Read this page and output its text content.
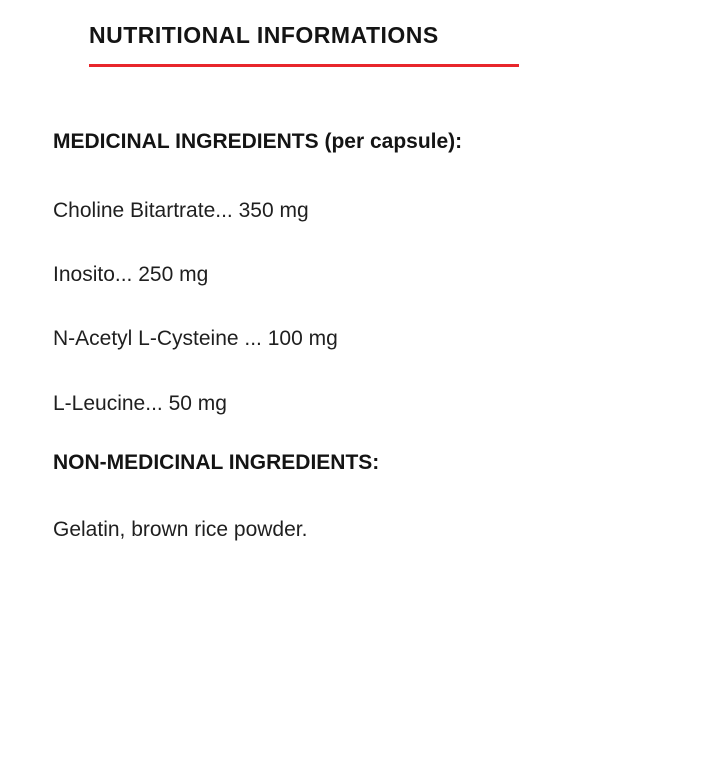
NUTRITIONAL INFORMATIONS

MEDICINAL INGREDIENTS (per capsule):

Choline Bitartrate... 350 mg

Inosito... 250 mg

N-Acetyl L-Cysteine ... 100 mg

L-Leucine... 50 mg

NON-MEDICINAL INGREDIENTS:

Gelatin, brown rice powder.
